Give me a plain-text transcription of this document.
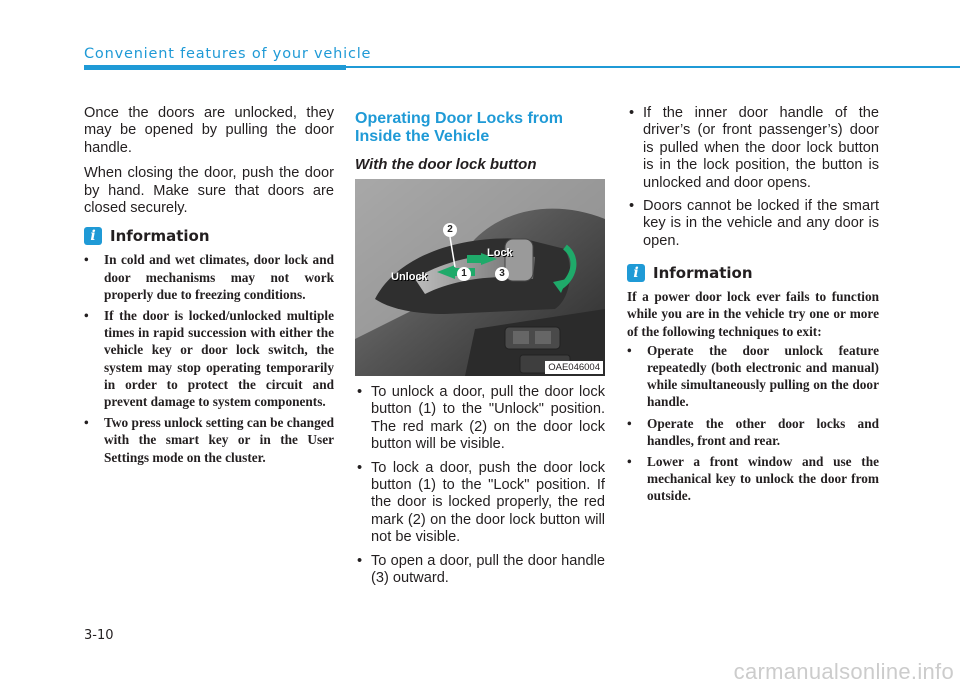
Convenient features of your vehicle

Once the doors are unlocked, they may be opened by pulling the door handle.

When closing the door, push the door by hand. Make sure that doors are closed securely.

i Information
• In cold and wet climates, door lock and door mechanisms may not work properly due to freezing conditions.
• If the door is locked/unlocked multiple times in rapid succession with either the vehicle key or door lock switch, the system may stop operating temporarily in order to protect the circuit and prevent damage to system components.
• Two press unlock setting can be changed with the smart key or in the User Settings mode on the cluster.
Operating Door Locks from Inside the Vehicle
With the door lock button
Unlock
Lock
1
2
3
OAE046004
• To unlock a door, pull the door lock button (1) to the "Unlock" position. The red mark (2) on the door lock button will be visible.
• To lock a door, push the door lock button (1) to the "Lock" position. If the door is locked properly, the red mark (2) on the door lock button will not be visible.
• To open a door, pull the door handle (3) outward.
• If the inner door handle of the driver’s (or front passenger’s) door is pulled when the door lock button is in the lock position, the button is unlocked and door opens.
• Doors cannot be locked if the smart key is in the vehicle and any door is open.
i Information

If a power door lock ever fails to function while you are in the vehicle try one or more of the following techniques to exit:

• Operate the door unlock feature repeatedly (both electronic and manual) while simultaneously pulling on the door handle.
• Operate the other door locks and handles, front and rear.
• Lower a front window and use the mechanical key to unlock the door from outside.
3-10
carmanualsonline.info
